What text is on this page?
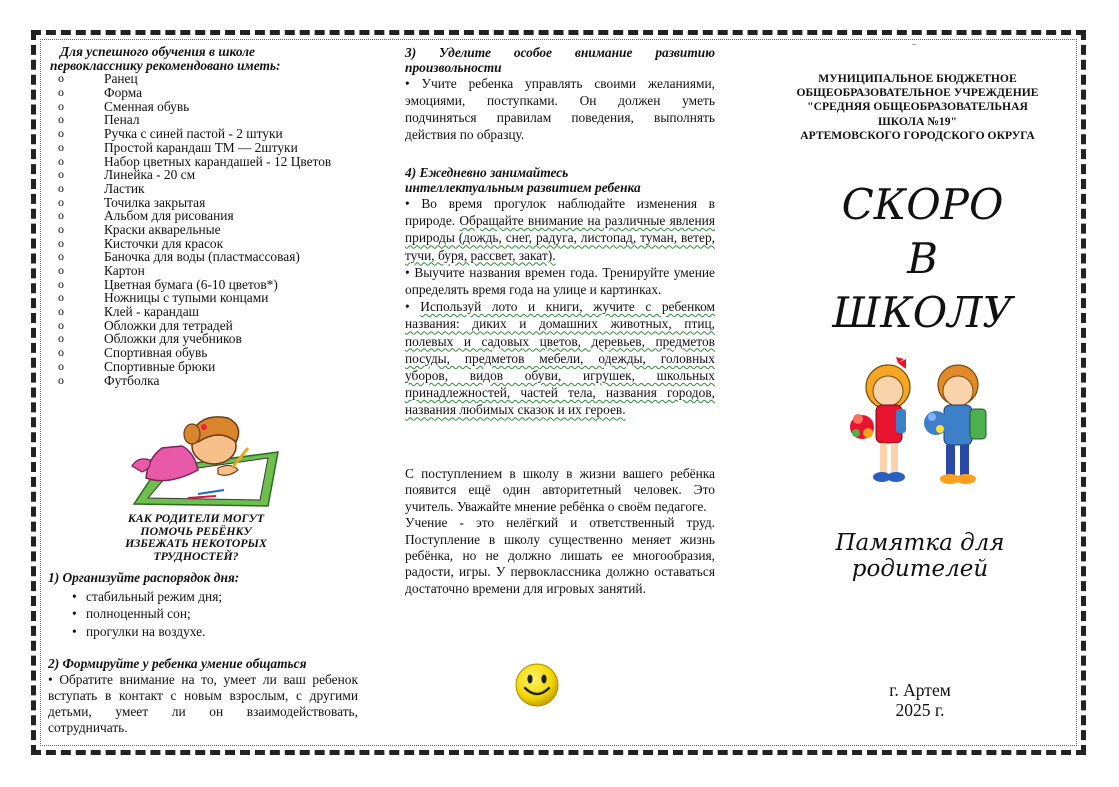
Для успешного обучения в школе
первокласснику рекомендовано иметь:
o Ранец
o Форма
o Сменная обувь
o Пенал
o Ручка с синей пастой - 2 штуки
o Простой карандаш ТМ — 2штуки
o Набор цветных карандашей - 12 Цветов
o Линейка - 20 см
o Ластик
o Точилка закрытая
o Альбом для рисования
o Краски акварельные
o Кисточки для красок
o Баночка для воды (пластмассовая)
o Картон
o Цветная бумага (6-10 цветов*)
o Ножницы с тупыми концами
o Клей - карандаш
o Обложки для тетрадей
o Обложки для учебников
o Спортивная обувь
o Спортивные брюки
o Футболка
КАК РОДИТЕЛИ МОГУТ
ПОМОЧЬ РЕБЁНКУ
ИЗБЕЖАТЬ НЕКОТОРЫХ
ТРУДНОСТЕЙ?
1) Организуйте распорядок дня:
• стабильный режим дня;
• полноценный сон;
• прогулки на воздухе.
2) Формируйте у ребенка умение общаться
• Обратите внимание на то, умеет ли ваш ребенок вступать в контакт с новым взрослым, с другими детьми, умеет ли он взаимодействовать, сотрудничать.
3) Уделите особое внимание развитию произвольности
• Учите ребенка управлять своими желаниями, эмоциями, поступками. Он должен уметь подчиняться правилам поведения, выполнять действия по образцу.
4) Ежедневно занимайтесь
интеллектуальным развитием ребенка
• Во время прогулок наблюдайте изменения в природе. Обращайте внимание на различные явления природы (дождь, снег, радуга, листопад, туман, ветер, тучи, буря, рассвет, закат).
• Выучите названия времен года. Тренируйте умение определять время года на улице и картинках.
• Используй лото и книги, жучите с ребенком названия: диких и домашних животных, птиц, полевых и садовых цветов, деревьев, предметов посуды, предметов мебели, одежды, головных уборов, видов обуви, игрушек, школьных принадлежностей, частей тела, названия городов, названия любимых сказок и их героев.
С поступлением в школу в жизни вашего ребёнка появится ещё один авторитетный человек. Это учитель. Уважайте мнение ребёнка о своём педагоге.
Учение - это нелёгкий и ответственный труд. Поступление в школу существенно меняет жизнь ребёнка, но не должно лишать ее многообразия, радости, игры. У первоклассника должно оставаться достаточно времени для игровых занятий.
..
МУНИЦИПАЛЬНОЕ БЮДЖЕТНОЕ
ОБЩЕОБРАЗОВАТЕЛЬНОЕ УЧРЕЖДЕНИЕ
"СРЕДНЯЯ ОБЩЕОБРАЗОВАТЕЛЬНАЯ
ШКОЛА №19"
АРТЕМОВСКОГО ГОРОДСКОГО ОКРУГА
СКОРО
В
ШКОЛУ
Памятка для родителей
г. Артем
2025 г.
